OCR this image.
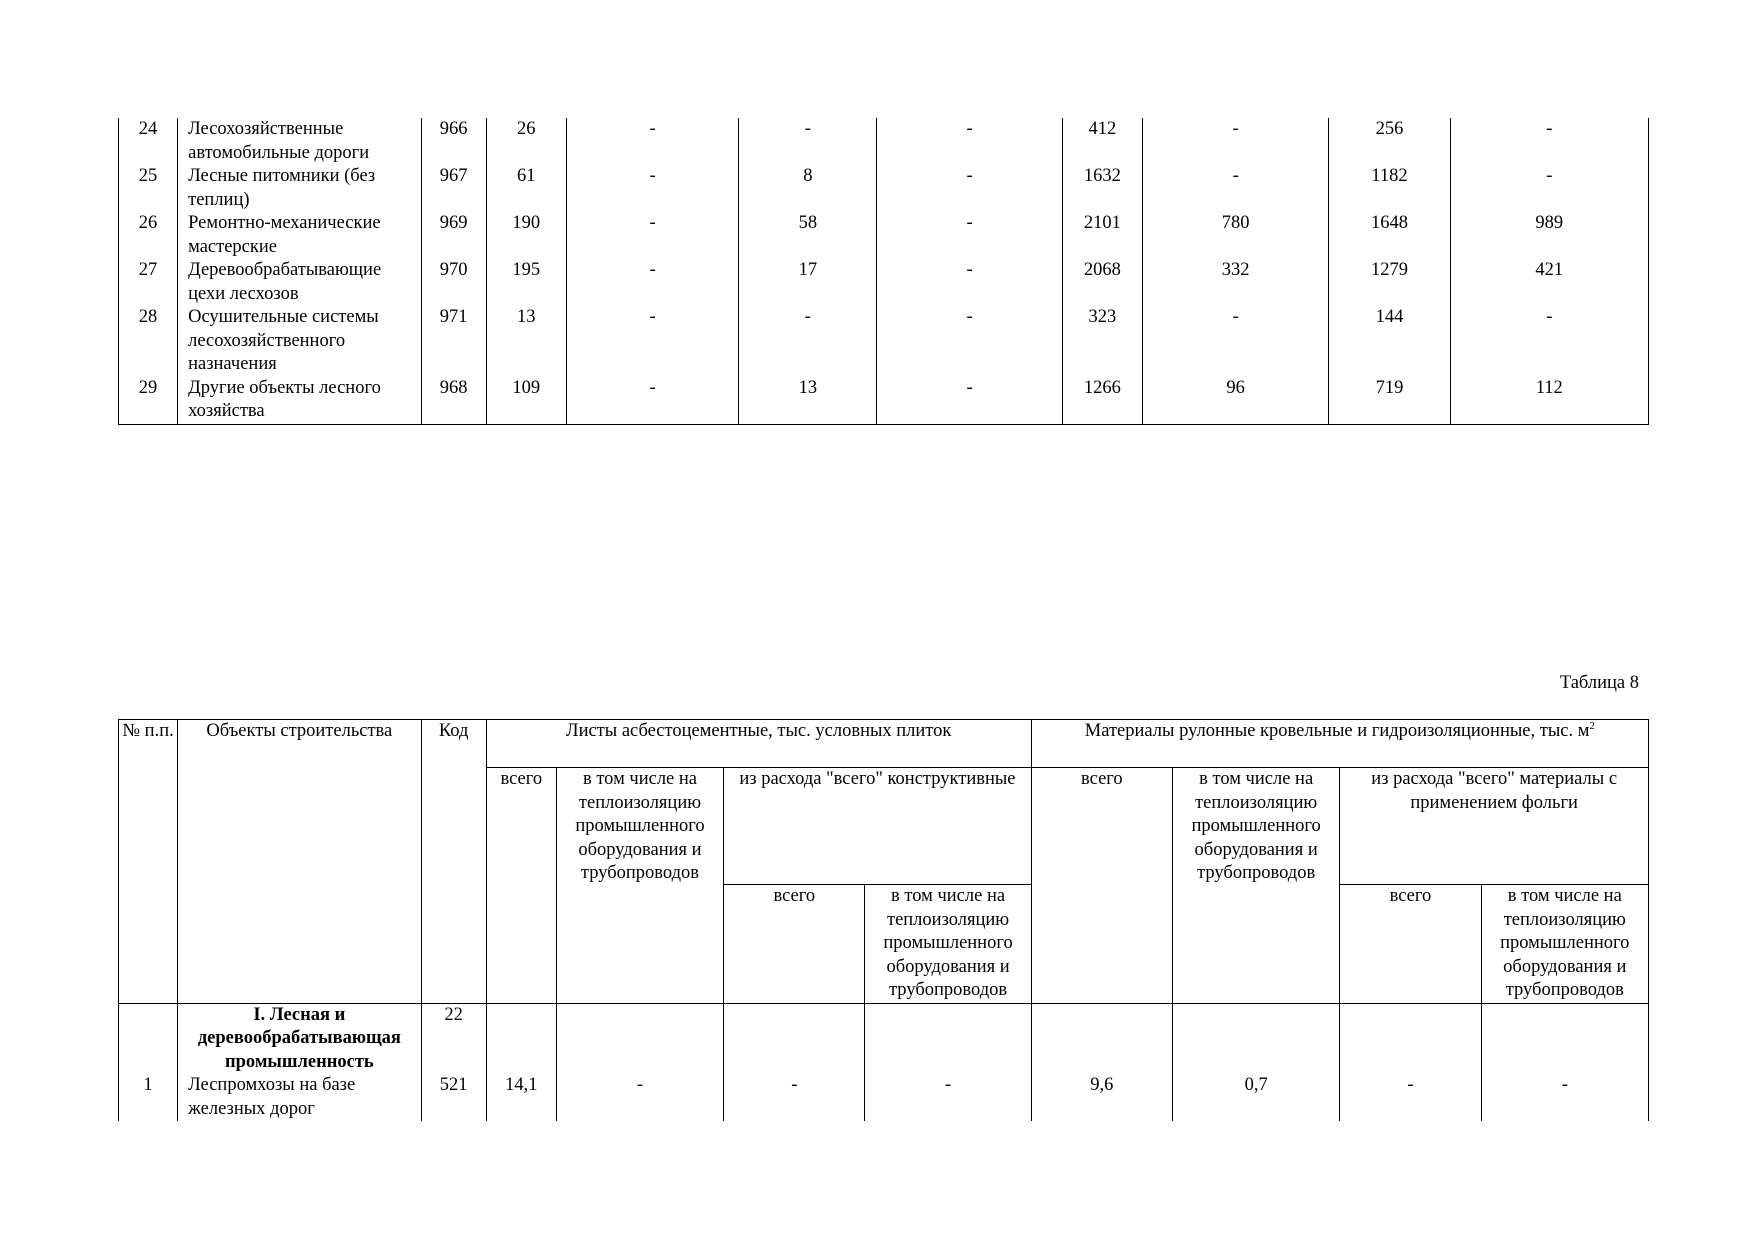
24	Лесохозяйственные автомобильные дороги	966	26	-	-	-	412	-	256	-
25	Лесные питомники (без теплиц)	967	61	-	8	-	1632	-	1182	-
26	Ремонтно-механические мастерские	969	190	-	58	-	2101	780	1648	989
27	Деревообрабатывающие цехи лесхозов	970	195	-	17	-	2068	332	1279	421
28	Осушительные системы лесохозяйственного назначения	971	13	-	-	-	323	-	144	-
29	Другие объекты лесного хозяйства	968	109	-	13	-	1266	96	719	112
Таблица 8
№ п.п.	Объекты строительства	Код	Листы асбестоцементные, тыс. условных плиток				Материалы рулонные кровельные и гидроизоляционные, тыс. $м^2$
			всего	в том числе на теплоизоляцию промышленного оборудования и трубопроводов	из расхода "всего" конструктивные		всего	в том числе на теплоизоляцию промышленного оборудования и трубопроводов	из расхода "всего" материалы с применением фольги	
					всего	в том числе на теплоизоляцию промышленного оборудования и трубопроводов			всего	в том числе на теплоизоляцию промышленного оборудования и трубопроводов
	I. Лесная и деревообрабатывающая промышленность	22								
1	Леспромхозы на базе железных дорог	521	14,1	-	-	-	9,6	0,7	-	-
